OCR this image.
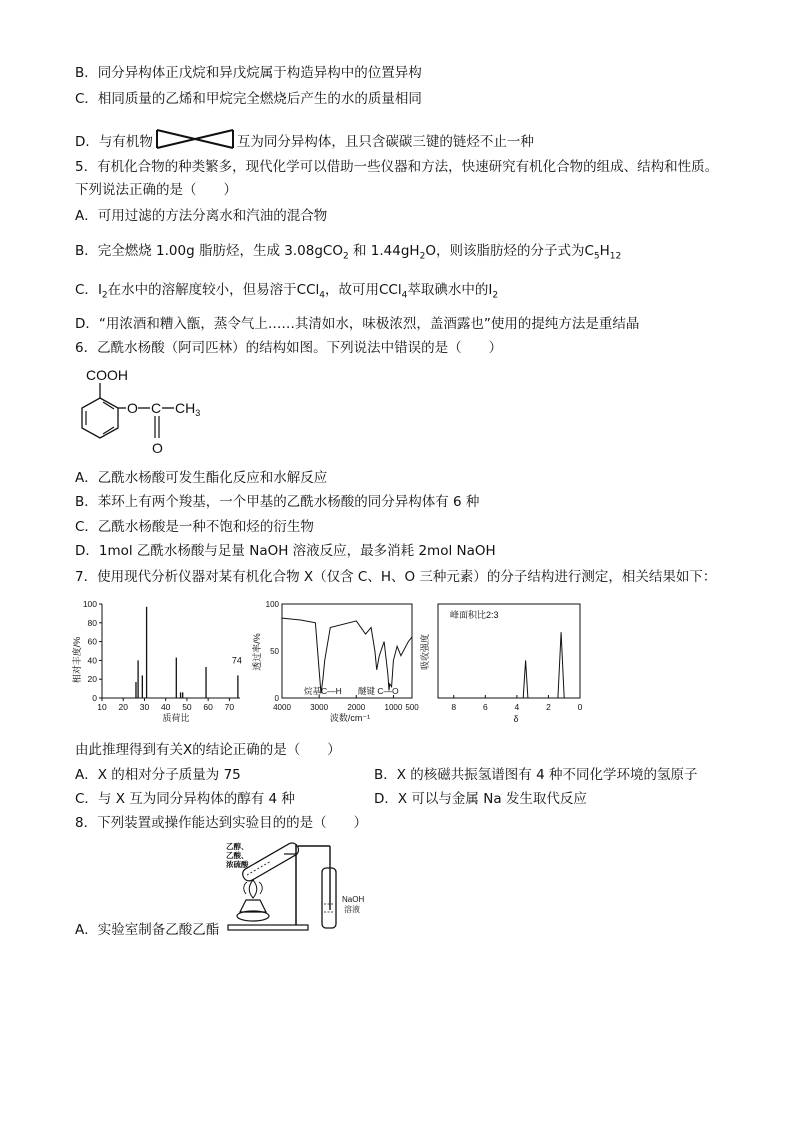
B．同分异构体正戊烷和异戊烷属于构造异构中的位置异构
C．相同质量的乙烯和甲烷完全燃烧后产生的水的质量相同
D．与有机物	互为同分异构体，且只含碳碳三键的链烃不止一种
5．有机化合物的种类繁多，现代化学可以借助一些仪器和方法，快速研究有机化合物的组成、结构和性质。
下列说法正确的是（　　）
A．可用过滤的方法分离水和汽油的混合物
B．完全燃烧 1.00g 脂肪烃，生成 3.08gCO$_2$ 和 $1.44gH_2O$，则该脂肪烃的分子式为$C_5H_{12}$
C．$I_2$在水中的溶解度较小，但易溶于CCl$_4$，故可用CCl$_4$萃取碘水中的$I_2$
D．“用浓酒和糟入甑，蒸令气上……其清如水，味极浓烈，盖酒露也”使用的提纯方法是重结晶
6．乙酰水杨酸（阿司匹林）的结构如图。下列说法中错误的是（　　）
COOH
O C $CH_3$
O
A．乙酰水杨酸可发生酯化反应和水解反应
B．苯环上有两个羧基，一个甲基的乙酰水杨酸的同分异构体有 6 种
C．乙酰水杨酸是一种不饱和烃的衍生物
D．1mol 乙酰水杨酸与足量 NaOH 溶液反应，最多消耗 2mol NaOH
7．使用现代分析仪器对某有机化合物 X（仅含 C、H、O 三种元素）的分子结构进行测定，相关结果如下：
相对丰度/%
质荷比
100
80
60
40
20
0
10 20 30 40 50 60 70
74 透过率/%
波数/cm⁻¹
4000 3000 2000 1000 500
100
50
0
烷基C—H 醚键 C—O
吸收强度
δ
峰面积比2:3
8	6	4	2	0
由此推理得到有关X的结论正确的是（　　）
A．X 的相对分子质量为 75	B．X 的核磁共振氢谱图有 4 种不同化学环境的氢原子
C．与 X 互为同分异构体的醇有 4 种	D．X 可以与金属 Na 发生取代反应
8．下列装置或操作能达到实验目的的是（　　）
乙醇、
乙酸、
浓硫酸
NaOH
溶液
A．实验室制备乙酸乙酯
